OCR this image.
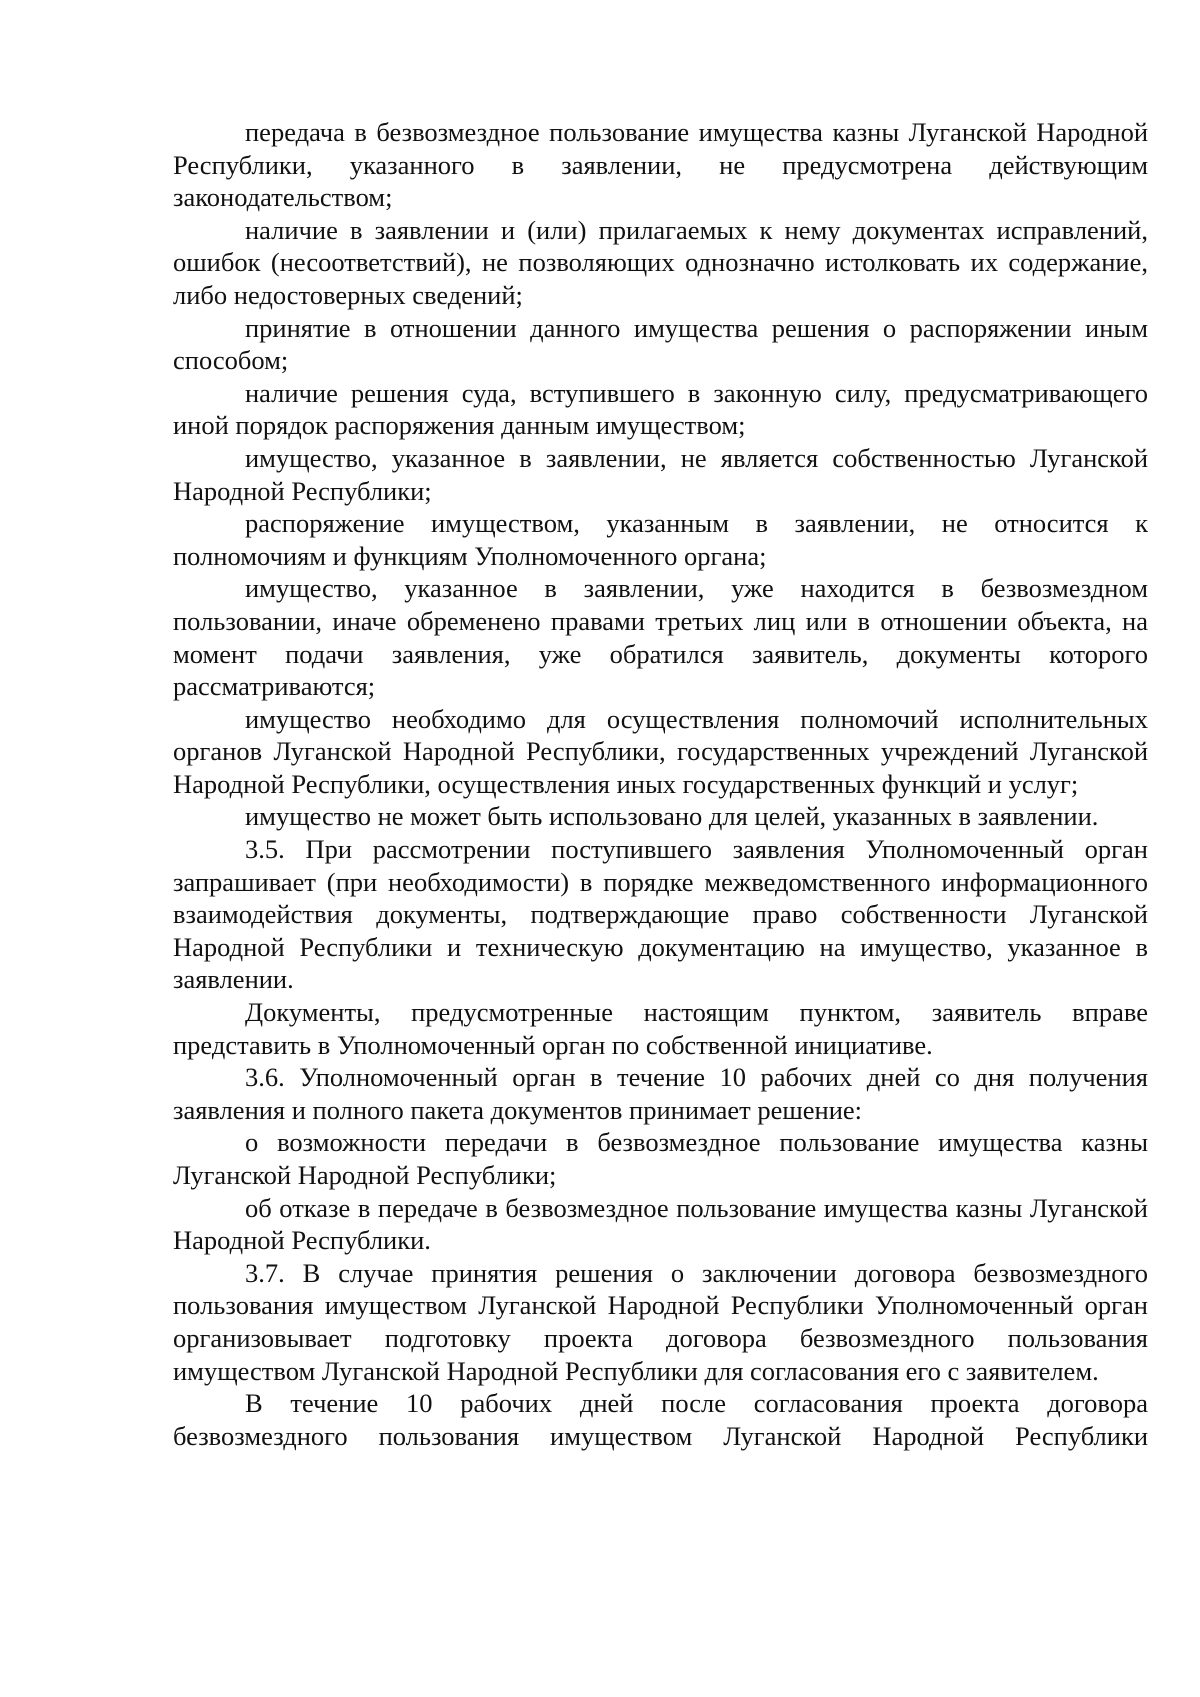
передача в безвозмездное пользование имущества казны Луганской Народной Республики, указанного в заявлении, не предусмотрена действующим законодательством;

наличие в заявлении и (или) прилагаемых к нему документах исправлений, ошибок (несоответствий), не позволяющих однозначно истолковать их содержание, либо недостоверных сведений;

принятие в отношении данного имущества решения о распоряжении иным способом;

наличие решения суда, вступившего в законную силу, предусматривающего иной порядок распоряжения данным имуществом;

имущество, указанное в заявлении, не является собственностью Луганской Народной Республики;

распоряжение имуществом, указанным в заявлении, не относится к полномочиям и функциям Уполномоченного органа;

имущество, указанное в заявлении, уже находится в безвозмездном пользовании, иначе обременено правами третьих лиц или в отношении объекта, на момент подачи заявления, уже обратился заявитель, документы которого рассматриваются;

имущество необходимо для осуществления полномочий исполнительных органов Луганской Народной Республики, государственных учреждений Луганской Народной Республики, осуществления иных государственных функций и услуг;

имущество не может быть использовано для целей, указанных в заявлении.

3.5. При рассмотрении поступившего заявления Уполномоченный орган запрашивает (при необходимости) в порядке межведомственного информационного взаимодействия документы, подтверждающие право собственности Луганской Народной Республики и техническую документацию на имущество, указанное в заявлении.

Документы, предусмотренные настоящим пунктом, заявитель вправе представить в Уполномоченный орган по собственной инициативе.

3.6. Уполномоченный орган в течение 10 рабочих дней со дня получения заявления и полного пакета документов принимает решение:

о возможности передачи в безвозмездное пользование имущества казны Луганской Народной Республики;

об отказе в передаче в безвозмездное пользование имущества казны Луганской Народной Республики.

3.7. В случае принятия решения о заключении договора безвозмездного пользования имуществом Луганской Народной Республики Уполномоченный орган организовывает подготовку проекта договора безвозмездного пользования имуществом Луганской Народной Республики для согласования его с заявителем.

В течение 10 рабочих дней после согласования проекта договора безвозмездного пользования имуществом Луганской Народной Республики
